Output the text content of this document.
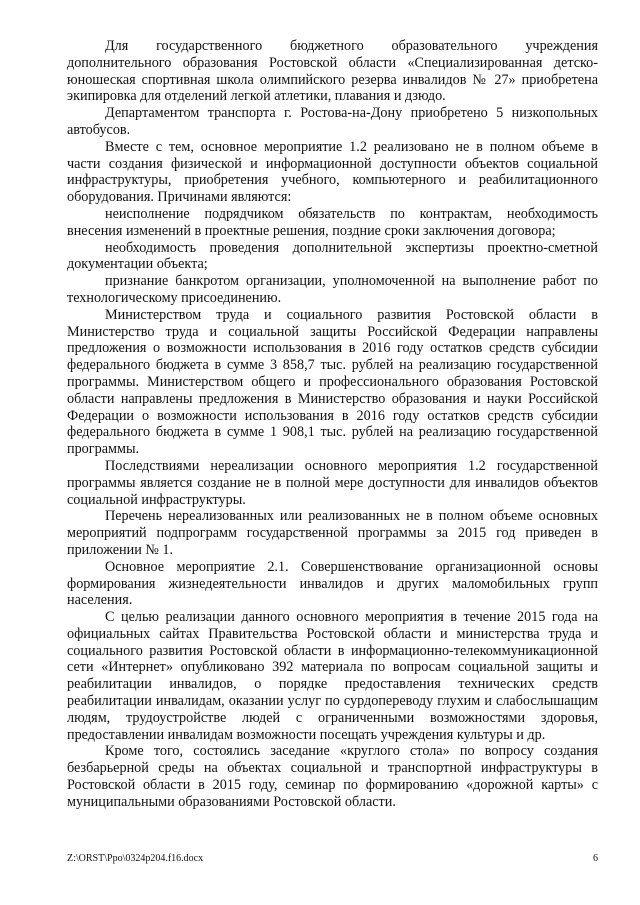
Для государственного бюджетного образовательного учреждения дополнительного образования Ростовской области «Специализированная детско-юношеская спортивная школа олимпийского резерва инвалидов № 27» приобретена экипировка для отделений легкой атлетики, плавания и дзюдо.

Департаментом транспорта г. Ростова-на-Дону приобретено 5 низкопольных автобусов.

Вместе с тем, основное мероприятие 1.2 реализовано не в полном объеме в части создания физической и информационной доступности объектов социальной инфраструктуры, приобретения учебного, компьютерного и реабилитационного оборудования. Причинами являются:

неисполнение подрядчиком обязательств по контрактам, необходимость внесения изменений в проектные решения, поздние сроки заключения договора;

необходимость проведения дополнительной экспертизы проектно-сметной документации объекта;

признание банкротом организации, уполномоченной на выполнение работ по технологическому присоединению.

Министерством труда и социального развития Ростовской области в Министерство труда и социальной защиты Российской Федерации направлены предложения о возможности использования в 2016 году остатков средств субсидии федерального бюджета в сумме 3 858,7 тыс. рублей на реализацию государственной программы. Министерством общего и профессионального образования Ростовской области направлены предложения в Министерство образования и науки Российской Федерации о возможности использования в 2016 году остатков средств субсидии федерального бюджета в сумме 1 908,1 тыс. рублей на реализацию государственной программы.

Последствиями нереализации основного мероприятия 1.2 государственной программы является создание не в полной мере доступности для инвалидов объектов социальной инфраструктуры.

Перечень нереализованных или реализованных не в полном объеме основных мероприятий подпрограмм государственной программы за 2015 год приведен в приложении № 1.

Основное мероприятие 2.1. Совершенствование организационной основы формирования жизнедеятельности инвалидов и других маломобильных групп населения.

С целью реализации данного основного мероприятия в течение 2015 года на официальных сайтах Правительства Ростовской области и министерства труда и социального развития Ростовской области в информационно-телекоммуникационной сети «Интернет» опубликовано 392 материала по вопросам социальной защиты и реабилитации инвалидов, о порядке предоставления технических средств реабилитации инвалидам, оказании услуг по сурдопереводу глухим и слабослышащим людям, трудоустройстве людей с ограниченными возможностями здоровья, предоставлении инвалидам возможности посещать учреждения культуры и др.

Кроме того, состоялись заседание «круглого стола» по вопросу создания безбарьерной среды на объектах социальной и транспортной инфраструктуры в Ростовской области в 2015 году, семинар по формированию «дорожной карты» с муниципальными образованиями Ростовской области.

Z:\ORST\Ppo\0324p204.f16.docx	6
